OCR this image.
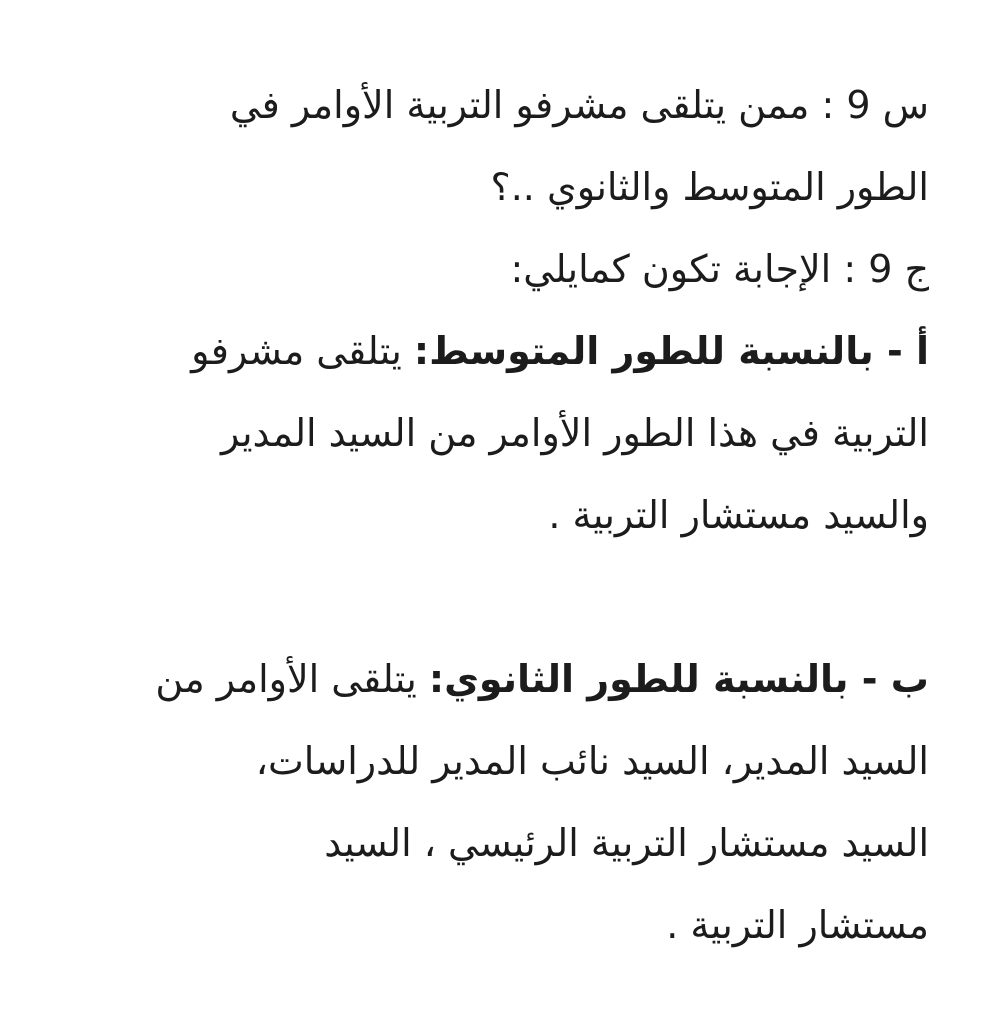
س 9 : ممن يتلقى مشرفو التربية الأوامر في
الطور المتوسط والثانوي ..؟
ج 9 : الإجابة تكون كمايلي:
أ - بالنسبة للطور المتوسط: يتلقى مشرفو
التربية في هذا الطور الأوامر من السيد المدير
والسيد مستشار التربية .
ب - بالنسبة للطور الثانوي: يتلقى الأوامر من
السيد المدير، السيد نائب المدير للدراسات،
السيد مستشار التربية الرئيسي ، السيد
مستشار التربية .
